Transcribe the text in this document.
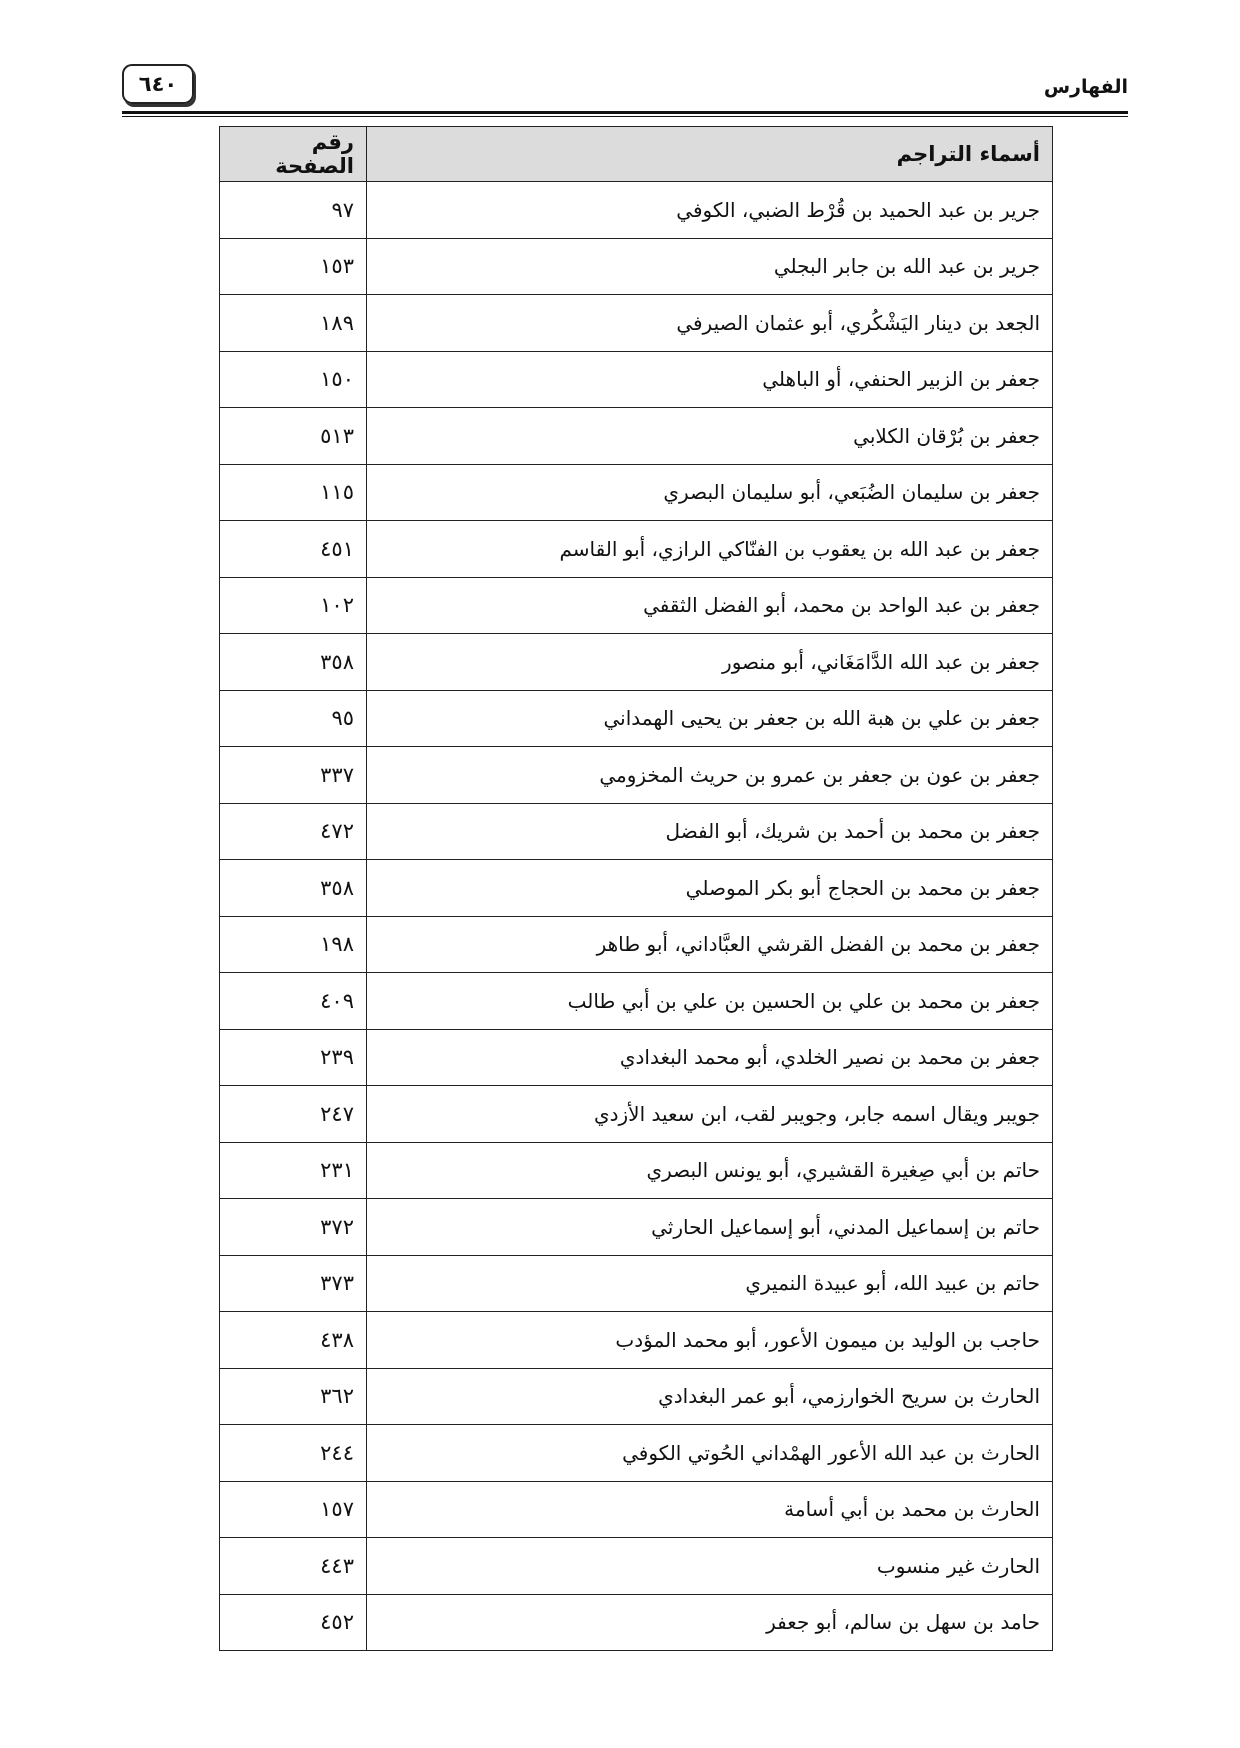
٦٤٠	الفهارس
أسماء التراجم	رقم الصفحة
جرير بن عبد الحميد بن قُرْط الضبي، الكوفي	٩٧
جرير بن عبد الله بن جابر البجلي	١٥٣
الجعد بن دينار اليَشْكُري، أبو عثمان الصيرفي	١٨٩
جعفر بن الزبير الحنفي، أو الباهلي	١٥٠
جعفر بن بُرْقان الكلابي	٥١٣
جعفر بن سليمان الضُبَعي، أبو سليمان البصري	١١٥
جعفر بن عبد الله بن يعقوب بن الفنّاكي الرازي، أبو القاسم	٤٥١
جعفر بن عبد الواحد بن محمد، أبو الفضل الثقفي	١٠٢
جعفر بن عبد الله الدَّامَغَاني، أبو منصور	٣٥٨
جعفر بن علي بن هبة الله بن جعفر بن يحيى الهمداني	٩٥
جعفر بن عون بن جعفر بن عمرو بن حريث المخزومي	٣٣٧
جعفر بن محمد بن أحمد بن شريك، أبو الفضل	٤٧٢
جعفر بن محمد بن الحجاج أبو بكر الموصلي	٣٥٨
جعفر بن محمد بن الفضل القرشي العبَّاداني، أبو طاهر	١٩٨
جعفر بن محمد بن علي بن الحسين بن علي بن أبي طالب	٤٠٩
جعفر بن محمد بن نصير الخلدي، أبو محمد البغدادي	٢٣٩
جويبر ويقال اسمه جابر، وجويبر لقب، ابن سعيد الأزدي	٢٤٧
حاتم بن أبي صِغيرة القشيري، أبو يونس البصري	٢٣١
حاتم بن إسماعيل المدني، أبو إسماعيل الحارثي	٣٧٢
حاتم بن عبيد الله، أبو عبيدة النميري	٣٧٣
حاجب بن الوليد بن ميمون الأعور، أبو محمد المؤدب	٤٣٨
الحارث بن سريح الخوارزمي، أبو عمر البغدادي	٣٦٢
الحارث بن عبد الله الأعور الهمْداني الحُوتي الكوفي	٢٤٤
الحارث بن محمد بن أبي أسامة	١٥٧
الحارث غير منسوب	٤٤٣
حامد بن سهل بن سالم، أبو جعفر	٤٥٢
